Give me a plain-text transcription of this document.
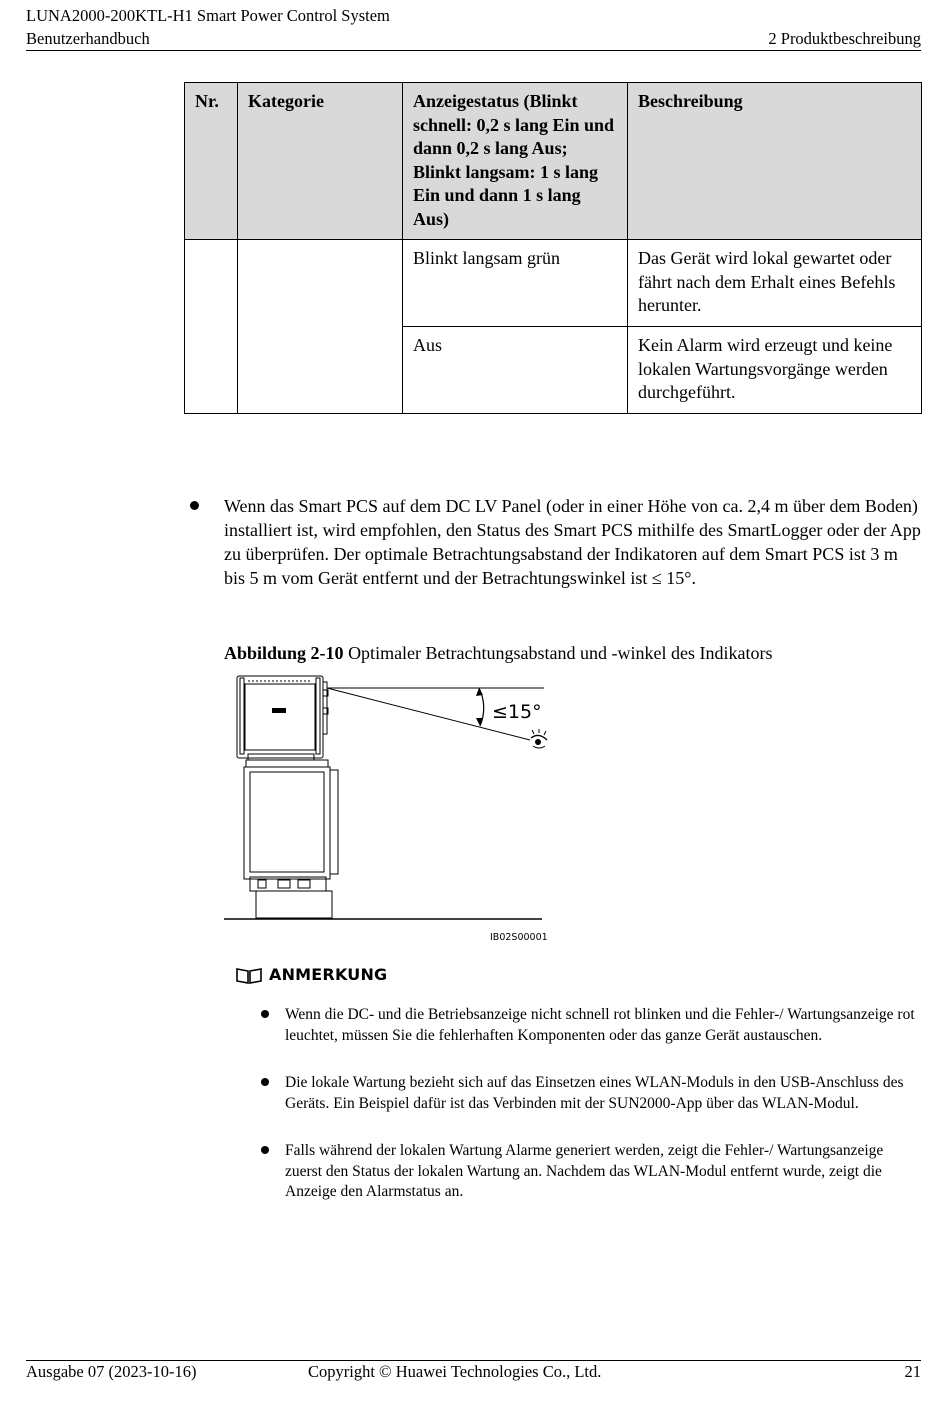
LUNA2000-200KTL-H1 Smart Power Control System
Benutzerhandbuch	2 Produktbeschreibung
Nr.	Kategorie	Anzeigestatus (Blinkt schnell: 0,2 s lang Ein und dann 0,2 s lang Aus; Blinkt langsam: 1 s lang Ein und dann 1 s lang Aus)	Beschreibung
		Blinkt langsam grün	Das Gerät wird lokal gewartet oder fährt nach dem Erhalt eines Befehls herunter.
		Aus	Kein Alarm wird erzeugt und keine lokalen Wartungsvorgänge werden durchgeführt.
Wenn das Smart PCS auf dem DC LV Panel (oder in einer Höhe von ca. 2,4 m über dem Boden) installiert ist, wird empfohlen, den Status des Smart PCS mithilfe des SmartLogger oder der App zu überprüfen. Der optimale Betrachtungsabstand der Indikatoren auf dem Smart PCS ist 3 m bis 5 m vom Gerät entfernt und der Betrachtungswinkel ist ≤ 15°.
Abbildung 2-10 Optimaler Betrachtungsabstand und -winkel des Indikators
≤15°
IB02S00001
ANMERKUNG
Wenn die DC- und die Betriebsanzeige nicht schnell rot blinken und die Fehler-/ Wartungsanzeige rot leuchtet, müssen Sie die fehlerhaften Komponenten oder das ganze Gerät austauschen.
Die lokale Wartung bezieht sich auf das Einsetzen eines WLAN-Moduls in den USB-Anschluss des Geräts. Ein Beispiel dafür ist das Verbinden mit der SUN2000-App über das WLAN-Modul.
Falls während der lokalen Wartung Alarme generiert werden, zeigt die Fehler-/ Wartungsanzeige zuerst den Status der lokalen Wartung an. Nachdem das WLAN-Modul entfernt wurde, zeigt die Anzeige den Alarmstatus an.
Ausgabe 07 (2023-10-16)	Copyright © Huawei Technologies Co., Ltd.	21
